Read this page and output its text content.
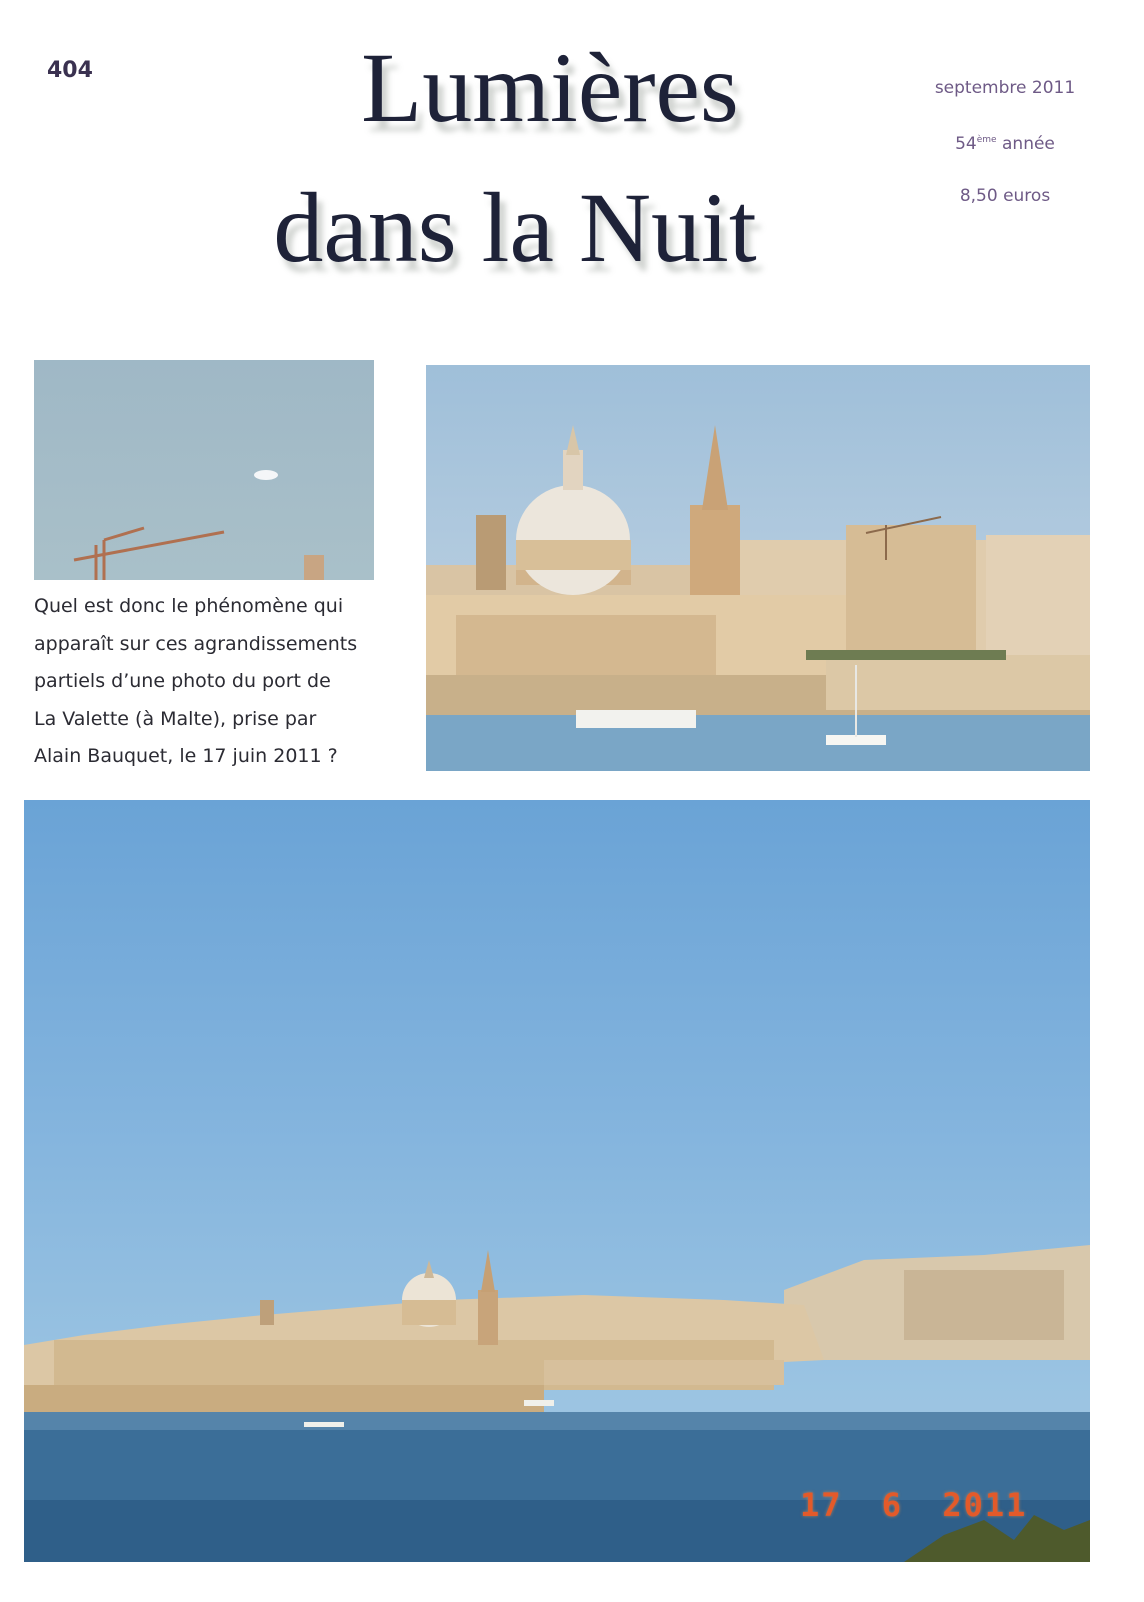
404	Lumières
dans la Nuit
septembre 2011
54ème année
8,50 euros
Quel est donc le phénomène qui
apparaît sur ces agrandissements
partiels d’une photo du port de
La Valette (à Malte), prise par
Alain Bauquet, le 17 juin 2011 ?
17 6 2011
